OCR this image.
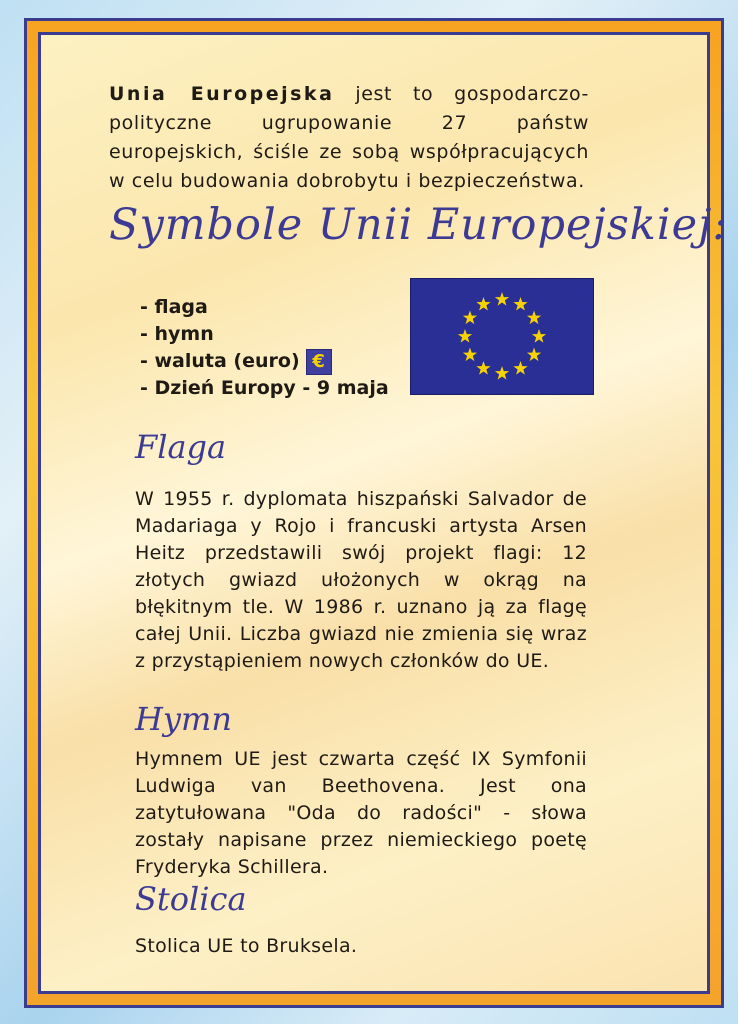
Unia Europejska jest to gospodarczo-polityczne ugrupowanie 27 państw europejskich, ściśle ze sobą współpracujących w celu budowania dobrobytu i bezpieczeństwa.

Symbole Unii Europejskiej:
- flaga
- hymn
- waluta (euro) €
- Dzień Europy - 9 maja
Flaga
W 1955 r. dyplomata hiszpański Salvador de Madariaga y Rojo i francuski artysta Arsen Heitz przedstawili swój projekt flagi: 12 złotych gwiazd ułożonych w okrąg na błękitnym tle. W 1986 r. uznano ją za flagę całej Unii. Liczba gwiazd nie zmienia się wraz z przystąpieniem nowych członków do UE.
Hymn
Hymnem UE jest czwarta część IX Symfonii Ludwiga van Beethovena. Jest ona zatytułowana "Oda do radości" - słowa zostały napisane przez niemieckiego poetę Fryderyka Schillera.
Stolica
Stolica UE to Bruksela.
